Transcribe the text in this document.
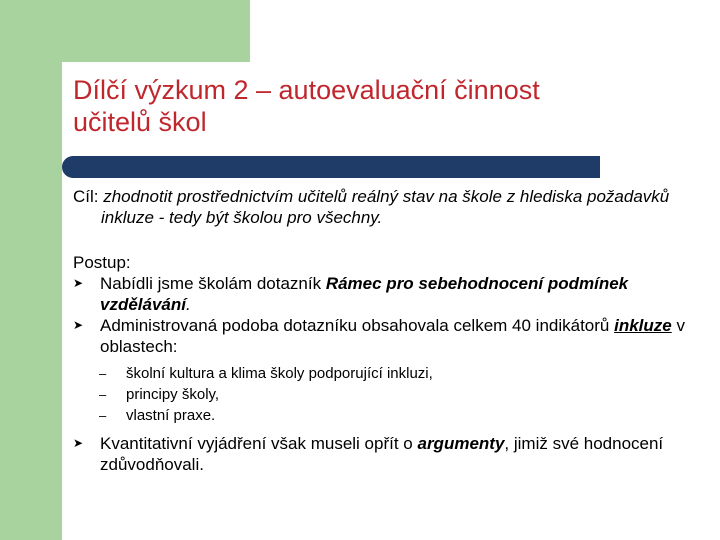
Dílčí výzkum 2 – autoevaluační činnost
učitelů škol

Cíl: zhodnotit prostřednictvím učitelů reálný stav na škole z hlediska požadavků inkluze - tedy být školou pro všechny.

Postup:

➤ Nabídli jsme školám dotazník Rámec pro sebehodnocení podmínek vzdělávání.

➤ Administrovaná podoba dotazníku obsahovala celkem 40 indikátorů inkluze v oblastech:

– školní kultura a klima školy podporující inkluzi,

– principy školy,

– vlastní praxe.

➤ Kvantitativní vyjádření však museli opřít o argumenty, jimiž své hodnocení zdůvodňovali.
